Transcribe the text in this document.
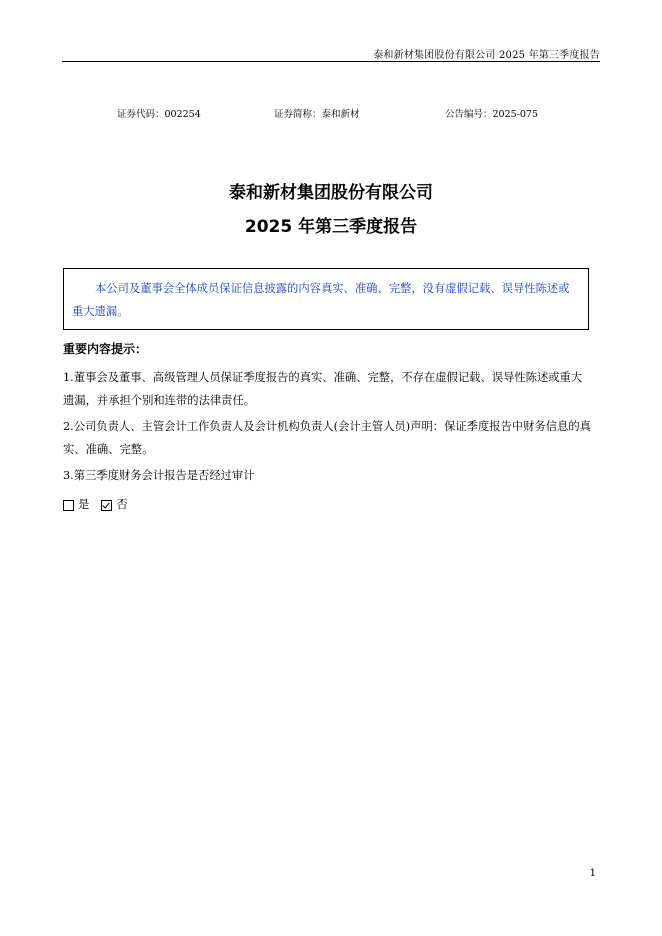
泰和新材集团股份有限公司 2025 年第三季度报告
证券代码：002254	证券简称：泰和新材	公告编号：2025-075
泰和新材集团股份有限公司
2025 年第三季度报告
本公司及董事会全体成员保证信息披露的内容真实、准确、完整，没有虚假记载、误导性陈述或重大遗漏。
重要内容提示：
1.董事会及董事、高级管理人员保证季度报告的真实、准确、完整，不存在虚假记载、误导性陈述或重大遗漏，并承担个别和连带的法律责任。
2.公司负责人、主管会计工作负责人及会计机构负责人(会计主管人员)声明：保证季度报告中财务信息的真实、准确、完整。
3.第三季度财务会计报告是否经过审计
是 否
1
